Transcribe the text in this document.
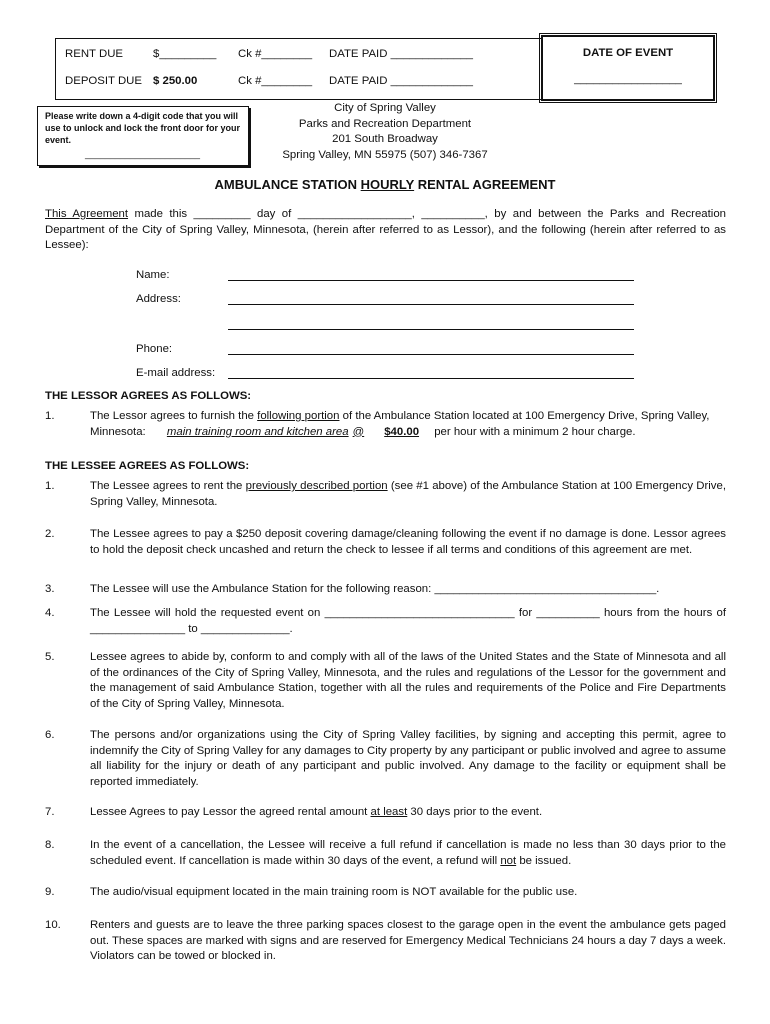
RENT DUE	$_________ Ck #________ DATE PAID _____________
DEPOSIT DUE $ 250.00	Ck #________ DATE PAID _____________
DATE OF EVENT
_________________
Please write down a 4-digit code that you will use to unlock and lock the front door for your event.
_______________________
City of Spring Valley
Parks and Recreation Department
201 South Broadway
Spring Valley, MN 55975 (507) 346-7367
AMBULANCE STATION HOURLY RENTAL AGREEMENT
This Agreement made this _________ day of __________________, __________, by and between the Parks and Recreation Department of the City of Spring Valley, Minnesota, (herein after referred to as Lessor), and the following (herein after referred to as Lessee):
Name:
Address:
Phone:
E-mail address:
THE LESSOR AGREES AS FOLLOWS:
1.	The Lessor agrees to furnish the following portion of the Ambulance Station located at 100 Emergency Drive, Spring Valley, Minnesota: main training room and kitchen area @ $40.00 per hour with a minimum 2 hour charge.
THE LESSEE AGREES AS FOLLOWS:
1.	The Lessee agrees to rent the previously described portion (see #1 above) of the Ambulance Station at 100 Emergency Drive, Spring Valley, Minnesota.
2.	The Lessee agrees to pay a $250 deposit covering damage/cleaning following the event if no damage is done. Lessor agrees to hold the deposit check uncashed and return the check to lessee if all terms and conditions of this agreement are met.
3.	The Lessee will use the Ambulance Station for the following reason: ___________________________________.
4.	The Lessee will hold the requested event on ______________________________ for __________ hours from the hours of _______________ to ______________.
5.	Lessee agrees to abide by, conform to and comply with all of the laws of the United States and the State of Minnesota and all of the ordinances of the City of Spring Valley, Minnesota, and the rules and regulations of the Lessor for the government and the management of said Ambulance Station, together with all the rules and requirements of the Police and Fire Departments of the City of Spring Valley, Minnesota.
6.	The persons and/or organizations using the City of Spring Valley facilities, by signing and accepting this permit, agree to indemnify the City of Spring Valley for any damages to City property by any participant or public involved and agree to assume all liability for the injury or death of any participant and public involved. Any damage to the facility or equipment shall be reported immediately.
7.	Lessee Agrees to pay Lessor the agreed rental amount at least 30 days prior to the event.
8.	In the event of a cancellation, the Lessee will receive a full refund if cancellation is made no less than 30 days prior to the scheduled event. If cancellation is made within 30 days of the event, a refund will not be issued.
9.	The audio/visual equipment located in the main training room is NOT available for the public use.
10.	Renters and guests are to leave the three parking spaces closest to the garage open in the event the ambulance gets paged out. These spaces are marked with signs and are reserved for Emergency Medical Technicians 24 hours a day 7 days a week. Violators can be towed or blocked in.
